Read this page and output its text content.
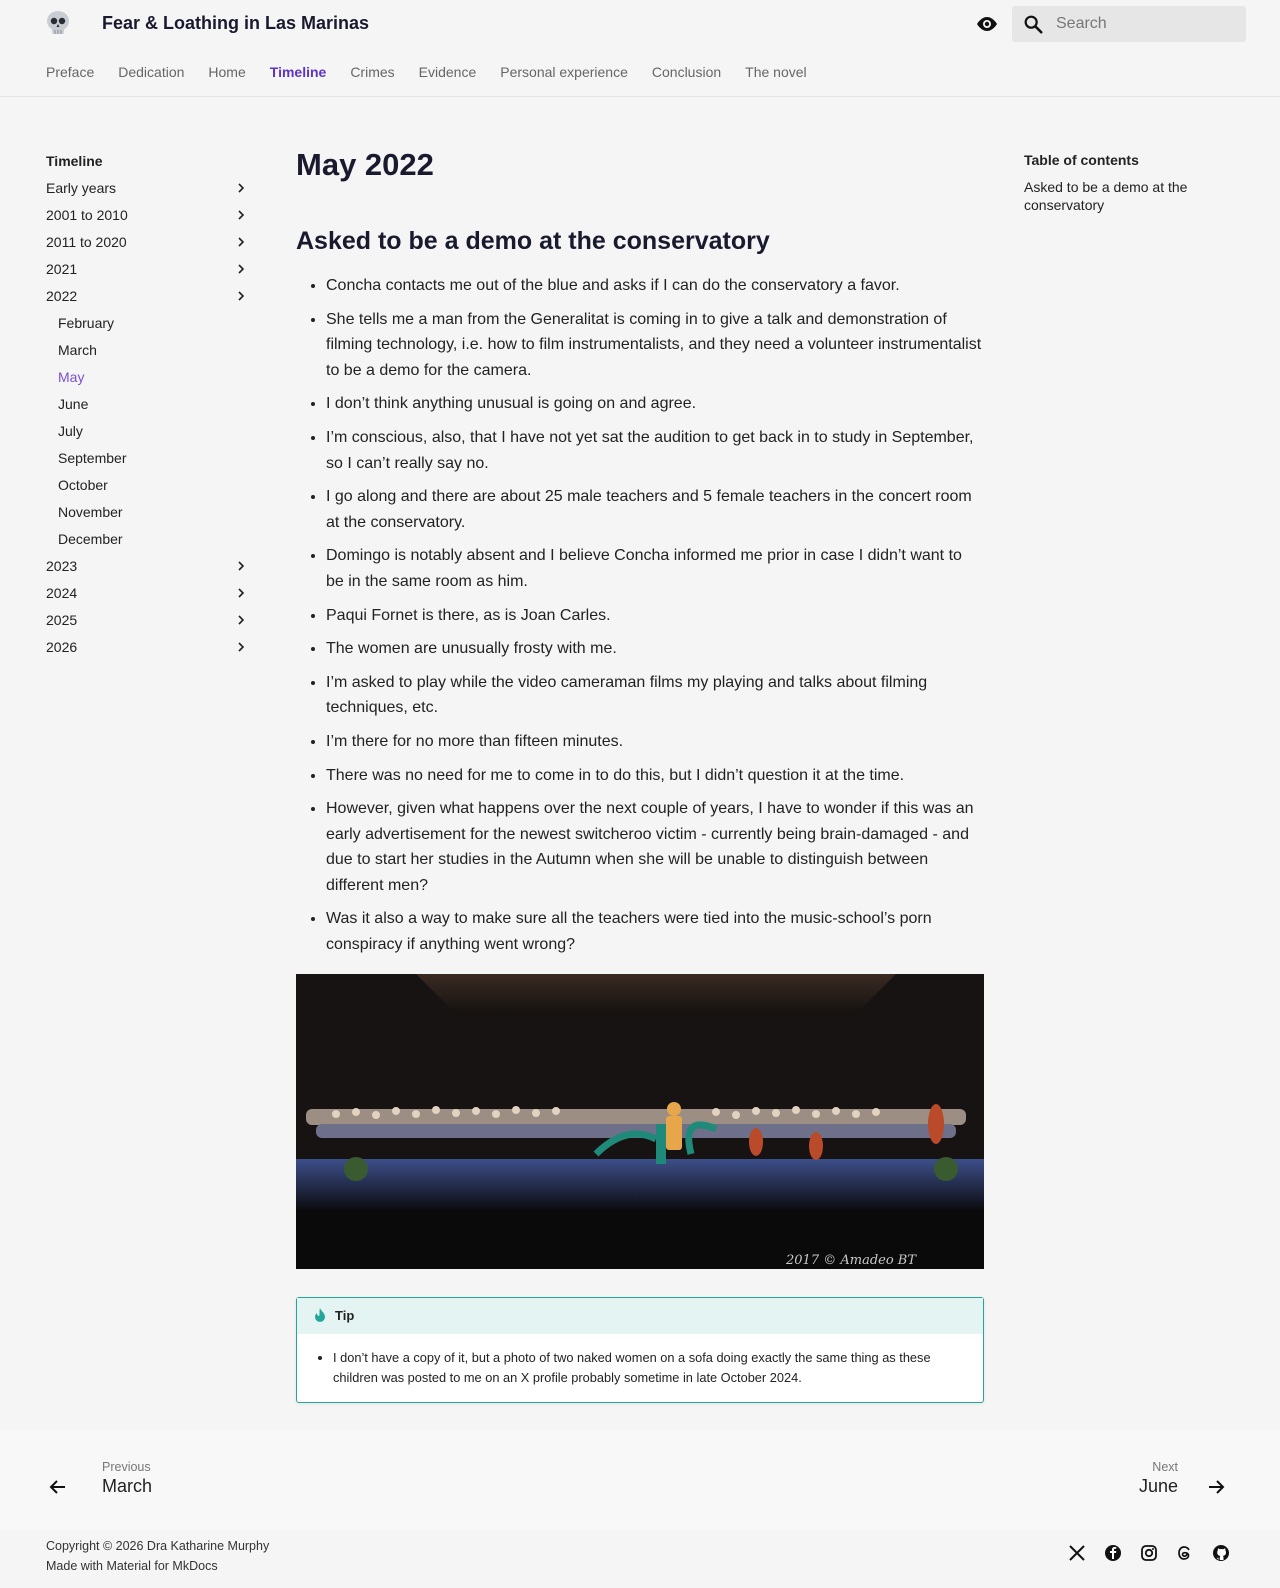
Fear & Loathing in Las Marinas
Search
Preface Dedication Home Timeline Crimes Evidence Personal experience Conclusion The novel
Timeline
Early years
2001 to 2010
2011 to 2020
2021
2022
February
March
May
June
July
September
October
November
December
2023
2024
2025
2026
May 2022
Asked to be a demo at the conservatory
• Concha contacts me out of the blue and asks if I can do the conservatory a favor.
• She tells me a man from the Generalitat is coming in to give a talk and demonstration of filming technology, i.e. how to film instrumentalists, and they need a volunteer instrumentalist to be a demo for the camera.
• I don’t think anything unusual is going on and agree.
• I’m conscious, also, that I have not yet sat the audition to get back in to study in September, so I can’t really say no.
• I go along and there are about 25 male teachers and 5 female teachers in the concert room at the conservatory.
• Domingo is notably absent and I believe Concha informed me prior in case I didn’t want to be in the same room as him.
• Paqui Fornet is there, as is Joan Carles.
• The women are unusually frosty with me.
• I’m asked to play while the video cameraman films my playing and talks about filming techniques, etc.
• I’m there for no more than fifteen minutes.
• There was no need for me to come in to do this, but I didn’t question it at the time.
• However, given what happens over the next couple of years, I have to wonder if this was an early advertisement for the newest switcheroo victim - currently being brain-damaged - and due to start her studies in the Autumn when she will be unable to distinguish between different men?
• Was it also a way to make sure all the teachers were tied into the music-school’s porn conspiracy if anything went wrong?
2017 © Amadeo BT
Tip
• I don’t have a copy of it, but a photo of two naked women on a sofa doing exactly the same thing as these children was posted to me on an X profile probably sometime in late October 2024.
Table of contents
Asked to be a demo at the conservatory
Previous
March
Next
June
Copyright © 2026 Dra Katharine Murphy
Made with Material for MkDocs
